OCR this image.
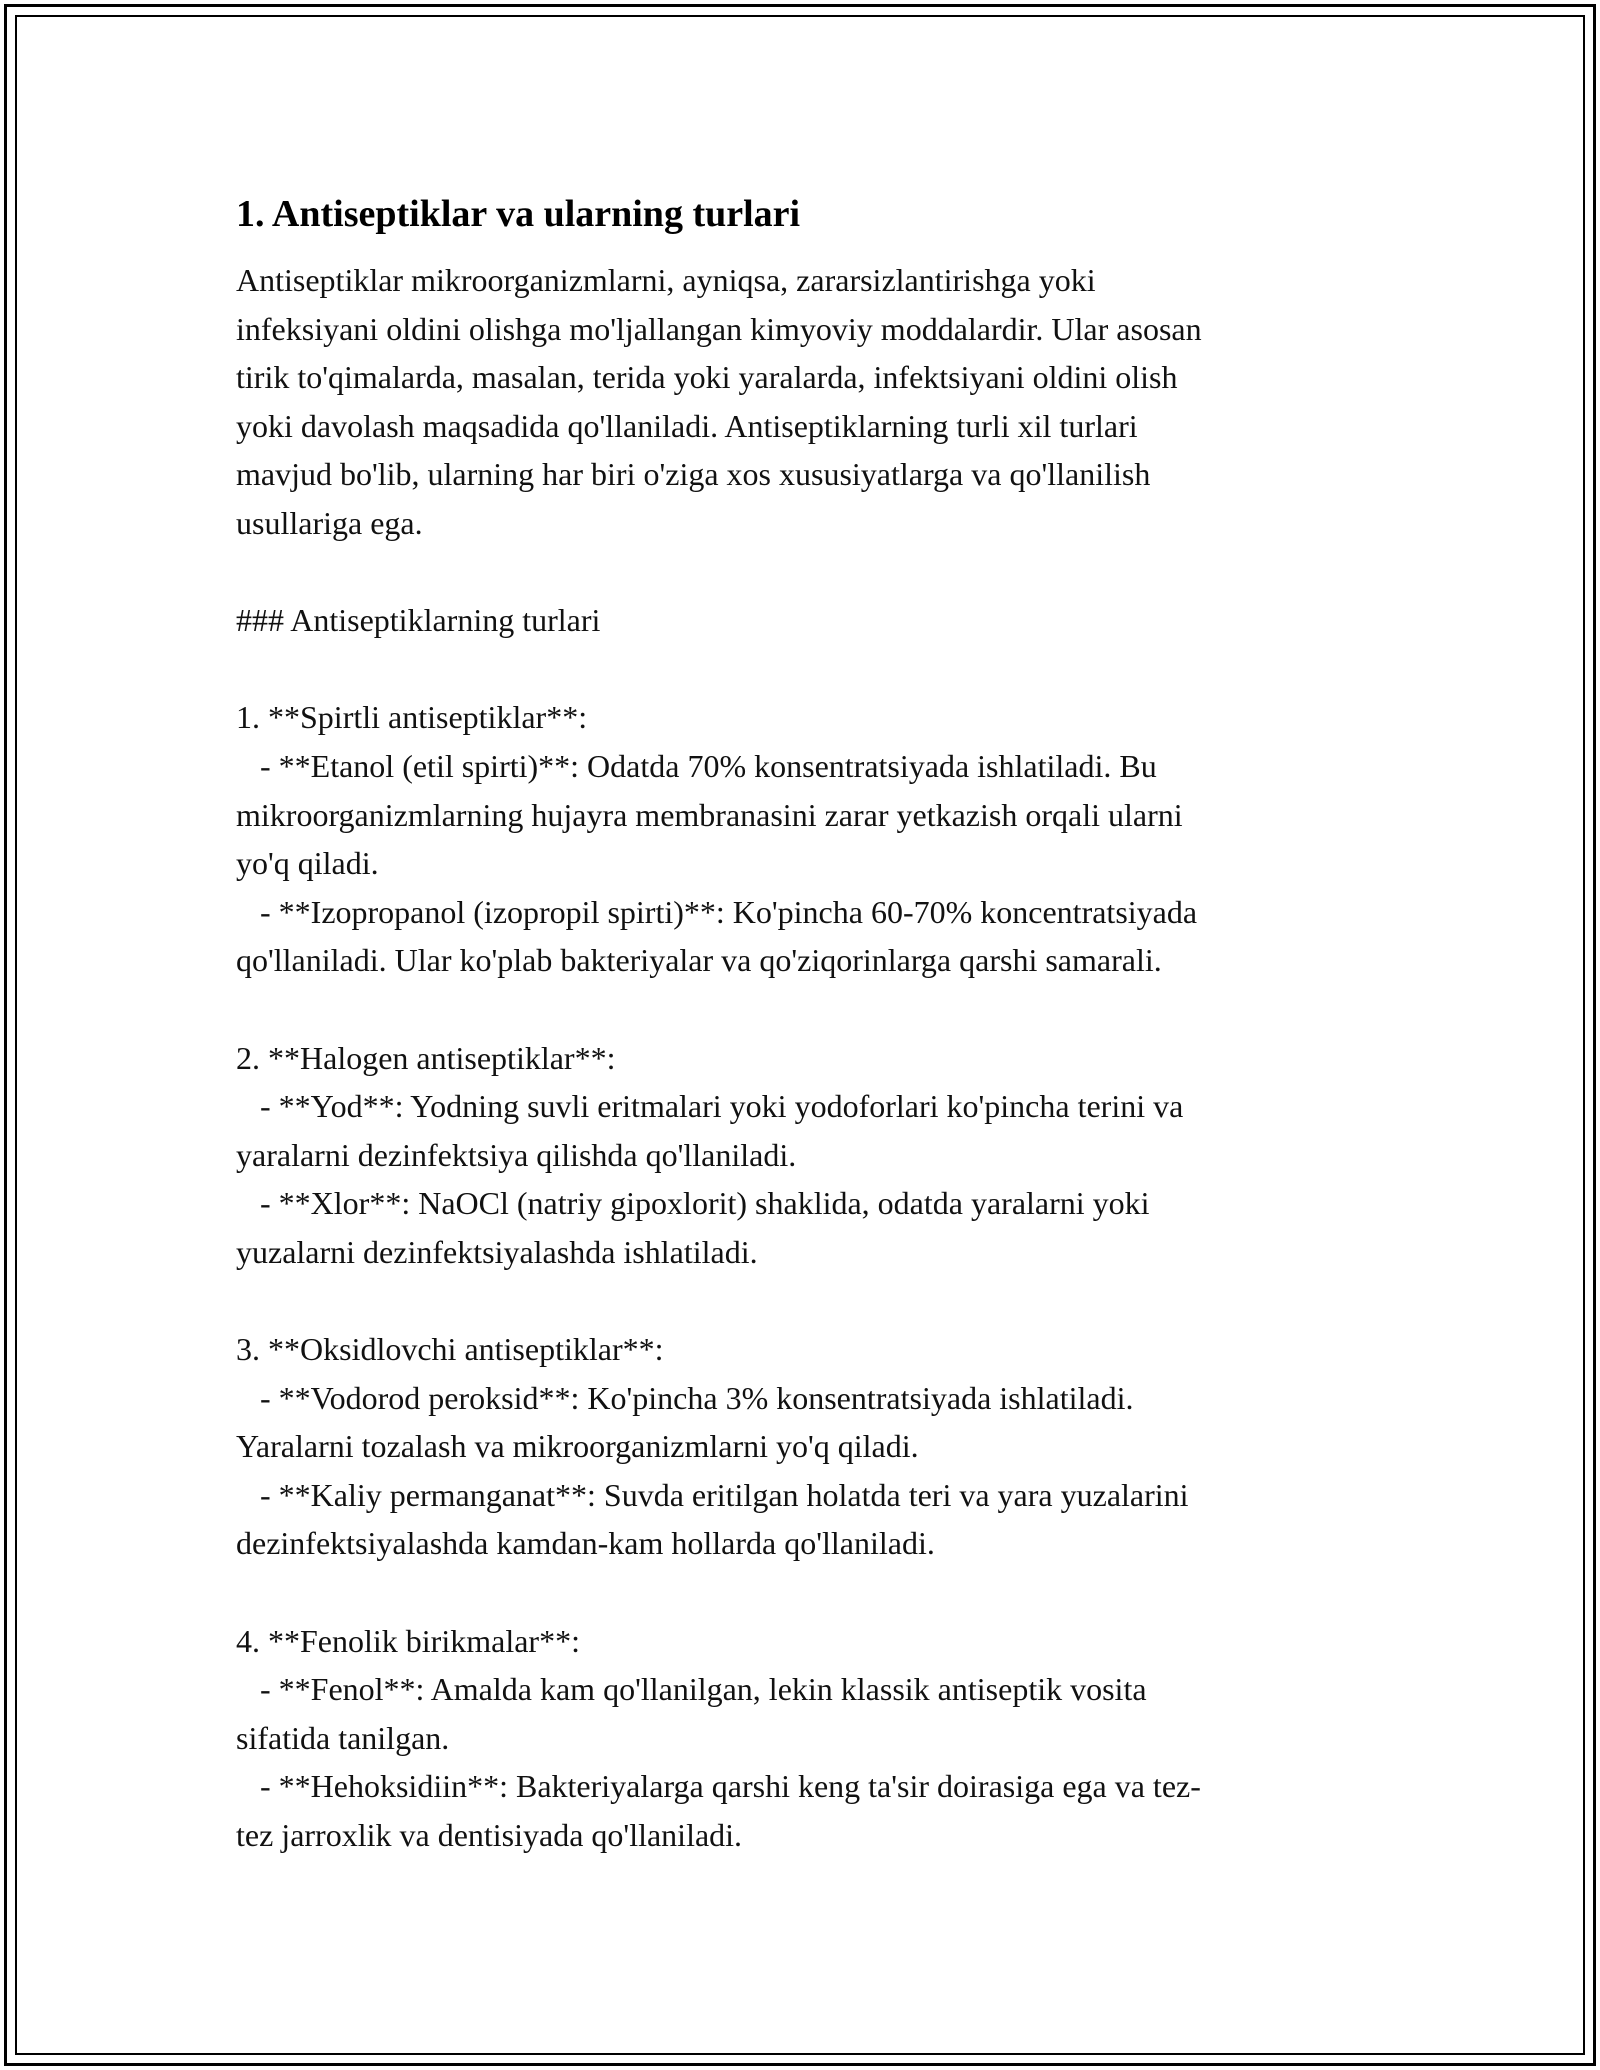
1. Antiseptiklar va ularning turlari
Antiseptiklar mikroorganizmlarni, ayniqsa, zararsizlantirishga yoki
infeksiyani oldini olishga mo'ljallangan kimyoviy moddalardir. Ular asosan
tirik to'qimalarda, masalan, terida yoki yaralarda, infektsiyani oldini olish
yoki davolash maqsadida qo'llaniladi. Antiseptiklarning turli xil turlari
mavjud bo'lib, ularning har biri o'ziga xos xususiyatlarga va qo'llanilish
usullariga ega.
### Antiseptiklarning turlari
1. **Spirtli antiseptiklar**:
- **Etanol (etil spirti)**: Odatda 70% konsentratsiyada ishlatiladi. Bu
mikroorganizmlarning hujayra membranasini zarar yetkazish orqali ularni
yo'q qiladi.
- **Izopropanol (izopropil spirti)**: Ko'pincha 60-70% koncentratsiyada
qo'llaniladi. Ular ko'plab bakteriyalar va qo'ziqorinlarga qarshi samarali.
2. **Halogen antiseptiklar**:
- **Yod**: Yodning suvli eritmalari yoki yodoforlari ko'pincha terini va
yaralarni dezinfektsiya qilishda qo'llaniladi.
- **Xlor**: NaOCl (natriy gipoxlorit) shaklida, odatda yaralarni yoki
yuzalarni dezinfektsiyalashda ishlatiladi.
3. **Oksidlovchi antiseptiklar**:
- **Vodorod peroksid**: Ko'pincha 3% konsentratsiyada ishlatiladi.
Yaralarni tozalash va mikroorganizmlarni yo'q qiladi.
- **Kaliy permanganat**: Suvda eritilgan holatda teri va yara yuzalarini
dezinfektsiyalashda kamdan-kam hollarda qo'llaniladi.
4. **Fenolik birikmalar**:
- **Fenol**: Amalda kam qo'llanilgan, lekin klassik antiseptik vosita
sifatida tanilgan.
- **Hehoksidiin**: Bakteriyalarga qarshi keng ta'sir doirasiga ega va tez-
tez jarroxlik va dentisiyada qo'llaniladi.
